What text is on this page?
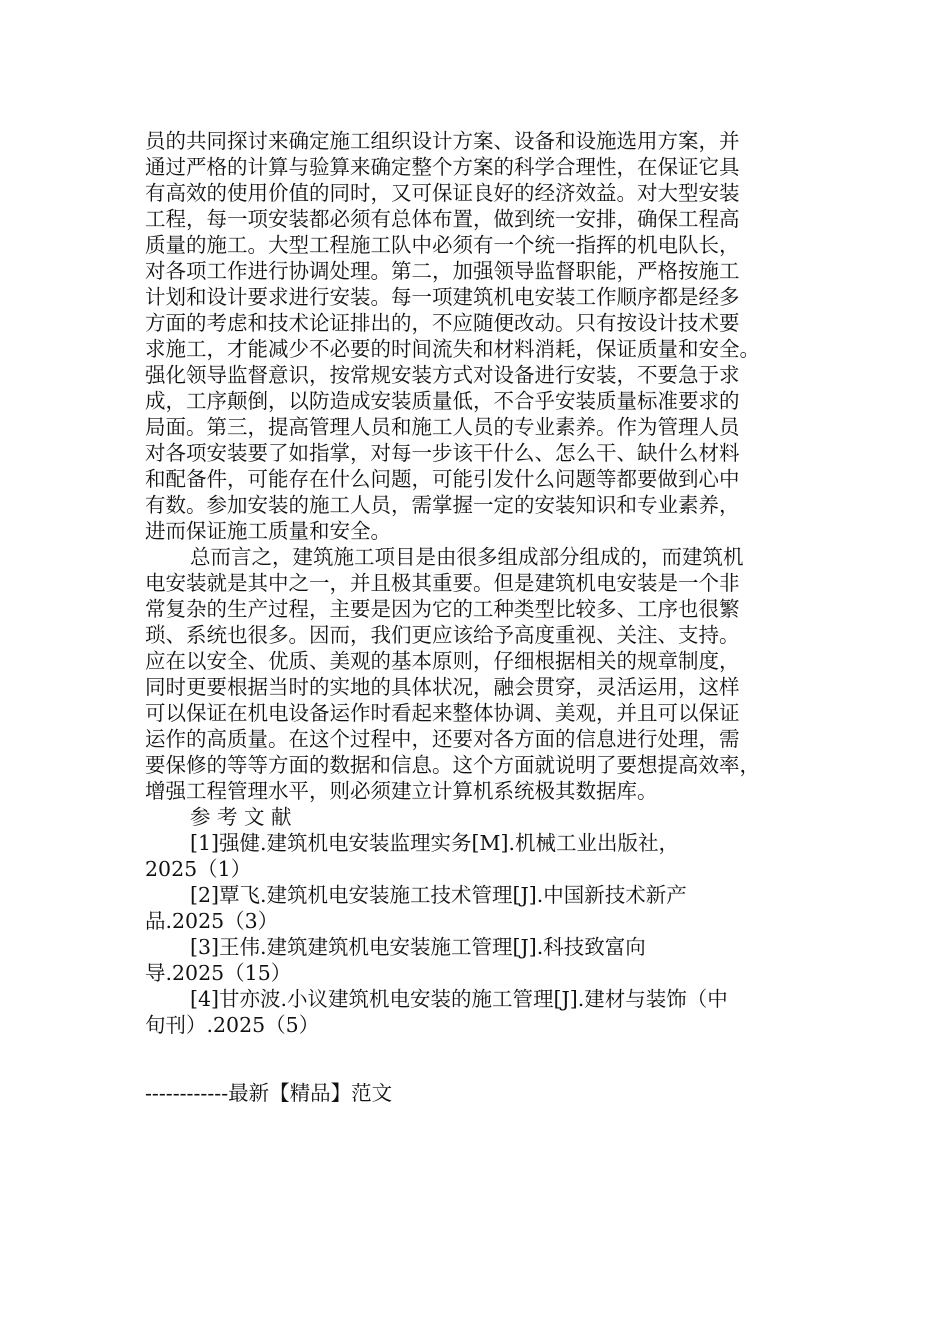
员的共同探讨来确定施工组织设计方案、设备和设施选用方案，并
通过严格的计算与验算来确定整个方案的科学合理性，在保证它具
有高效的使用价值的同时，又可保证良好的经济效益。对大型安装
工程，每一项安装都必须有总体布置，做到统一安排，确保工程高
质量的施工。大型工程施工队中必须有一个统一指挥的机电队长，
对各项工作进行协调处理。第二，加强领导监督职能，严格按施工
计划和设计要求进行安装。每一项建筑机电安装工作顺序都是经多
方面的考虑和技术论证排出的，不应随便改动。只有按设计技术要
求施工，才能减少不必要的时间流失和材料消耗，保证质量和安全。
强化领导监督意识，按常规安装方式对设备进行安装，不要急于求
成，工序颠倒，以防造成安装质量低，不合乎安装质量标准要求的
局面。第三，提高管理人员和施工人员的专业素养。作为管理人员
对各项安装要了如指掌，对每一步该干什么、怎么干、缺什么材料
和配备件，可能存在什么问题，可能引发什么问题等都要做到心中
有数。参加安装的施工人员，需掌握一定的安装知识和专业素养，
进而保证施工质量和安全。
总而言之，建筑施工项目是由很多组成部分组成的，而建筑机
电安装就是其中之一，并且极其重要。但是建筑机电安装是一个非
常复杂的生产过程，主要是因为它的工种类型比较多、工序也很繁
琐、系统也很多。因而，我们更应该给予高度重视、关注、支持。
应在以安全、优质、美观的基本原则，仔细根据相关的规章制度，
同时更要根据当时的实地的具体状况，融会贯穿，灵活运用，这样
可以保证在机电设备运作时看起来整体协调、美观，并且可以保证
运作的高质量。在这个过程中，还要对各方面的信息进行处理，需
要保修的等等方面的数据和信息。这个方面就说明了要想提高效率，
增强工程管理水平，则必须建立计算机系统极其数据库。
参 考 文 献
[1]强健.建筑机电安装监理实务[M].机械工业出版社，
2025（1）
[2]覃飞.建筑机电安装施工技术管理[J].中国新技术新产
品.2025（3）
[3]王伟.建筑建筑机电安装施工管理[J].科技致富向
导.2025（15）
[4]甘亦波.小议建筑机电安装的施工管理[J].建材与装饰（中
旬刊）.2025（5）
------------最新【精品】范文
